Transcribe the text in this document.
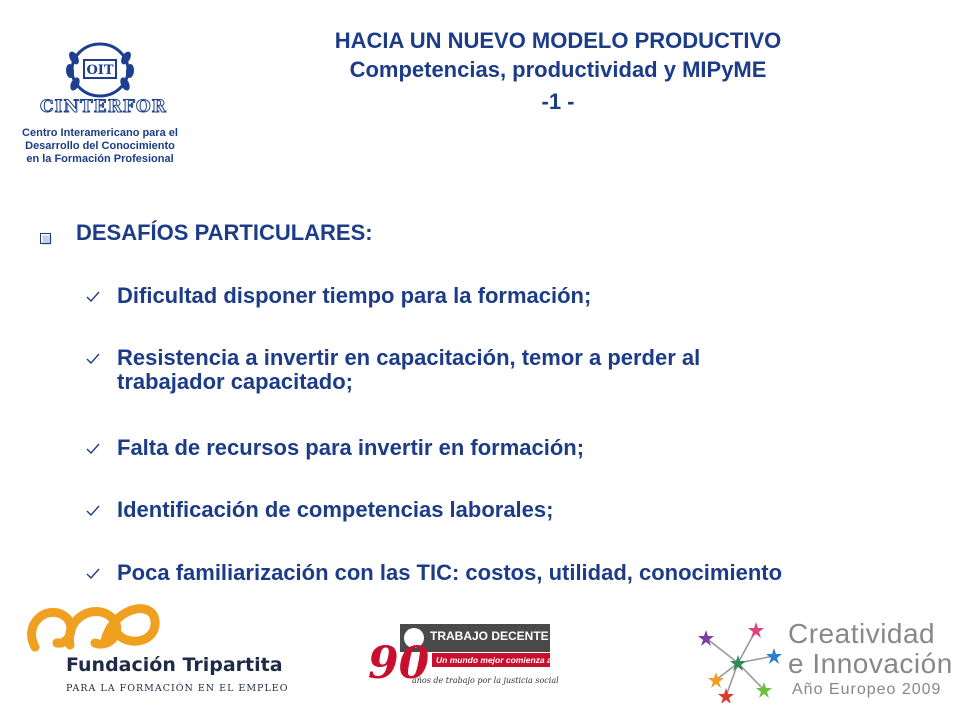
OIT
CINTERFOR
Centro Interamericano para el
Desarrollo del Conocimiento
en la Formación Profesional
HACIA UN NUEVO MODELO PRODUCTIVO
Competencias, productividad y MIPyME
-1 -
DESAFÍOS PARTICULARES:
Dificultad disponer tiempo para la formación;
Resistencia a invertir en capacitación, temor a perder al
trabajador capacitado;
Falta de recursos para invertir en formación;
Identificación de competencias laborales;
Poca familiarización con las TIC: costos, utilidad, conocimiento
Fundación Tripartita
PARA LA FORMACIÓN EN EL EMPLEO
TRABAJO DECENTE
Un mundo mejor comienza aquí
90
años de trabajo por la justicia social
Creatividad
e Innovación
Año Europeo 2009
